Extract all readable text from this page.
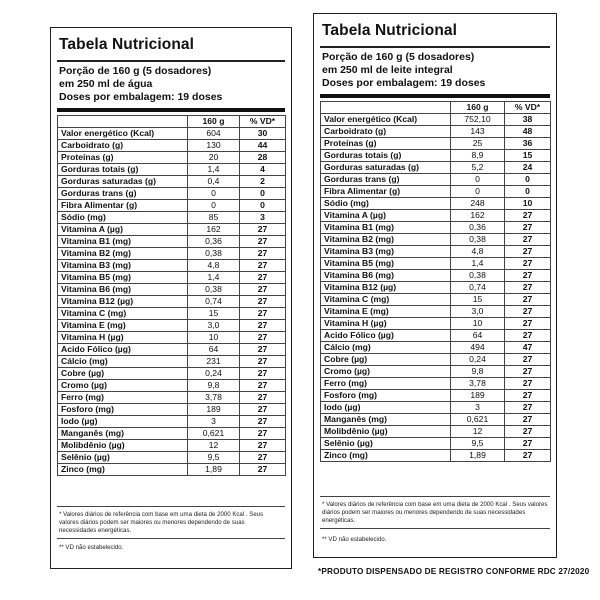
Tabela Nutricional
Porção de 160 g (5 dosadores)
em 250 ml de água
Doses por embalagem: 19 doses
	160 g	% VD*
Valor energético (Kcal)	604	30
Carboidrato (g)	130	44
Proteínas (g)	20	28
Gorduras totais (g)	1,4	4
Gorduras saturadas (g)	0,4	2
Gorduras trans (g)	0	0
Fibra Alimentar (g)	0	0
Sódio (mg)	85	3
Vitamina A (µg)	162	27
Vitamina B1 (mg)	0,36	27
Vitamina B2 (mg)	0,38	27
Vitamina B3 (mg)	4,8	27
Vitamina B5 (mg)	1,4	27
Vitamina B6 (mg)	0,38	27
Vitamina B12 (µg)	0,74	27
Vitamina C (mg)	15	27
Vitamina E (mg)	3,0	27
Vitamina H (µg)	10	27
Acido Fólico (µg)	64	27
Cálcio (mg)	231	27
Cobre (µg)	0,24	27
Cromo (µg)	9,8	27
Ferro (mg)	3,78	27
Fosforo (mg)	189	27
Iodo (µg)	3	27
Manganês (mg)	0,621	27
Molibdênio (µg)	12	27
Selênio (µg)	9,5	27
Zinco (mg)	1,89	27
* Valores diários de referência com base em uma dieta de 2000 Kcal . Seus valores diários podem ser maiores ou menores dependendo de suas necessidades energéticas.
** VD não estabelecido.
Tabela Nutricional
Porção de 160 g (5 dosadores)
em 250 ml de leite integral
Doses por embalagem: 19 doses
	160 g	% VD*
Valor energético (Kcal)	752,10	38
Carboidrato (g)	143	48
Proteínas (g)	25	36
Gorduras totais (g)	8,9	15
Gorduras saturadas (g)	5,2	24
Gorduras trans (g)	0	0
Fibra Alimentar (g)	0	0
Sódio (mg)	248	10
Vitamina A (µg)	162	27
Vitamina B1 (mg)	0,36	27
Vitamina B2 (mg)	0,38	27
Vitamina B3 (mg)	4,8	27
Vitamina B5 (mg)	1,4	27
Vitamina B6 (mg)	0,38	27
Vitamina B12 (µg)	0,74	27
Vitamina C (mg)	15	27
Vitamina E (mg)	3,0	27
Vitamina H (µg)	10	27
Acido Fólico (µg)	64	27
Cálcio (mg)	494	47
Cobre (µg)	0,24	27
Cromo (µg)	9,8	27
Ferro (mg)	3,78	27
Fosforo (mg)	189	27
Iodo (µg)	3	27
Manganês (mg)	0,621	27
Molibdênio (µg)	12	27
Selênio (µg)	9,5	27
Zinco (mg)	1,89	27
* Valores diários de referência com base em uma dieta de 2000 Kcal . Seus valores diários podem ser maiores ou menores dependendo de suas necessidades energéticas.
** VD não estabelecido.
*PRODUTO DISPENSADO DE REGISTRO CONFORME RDC 27/2020
